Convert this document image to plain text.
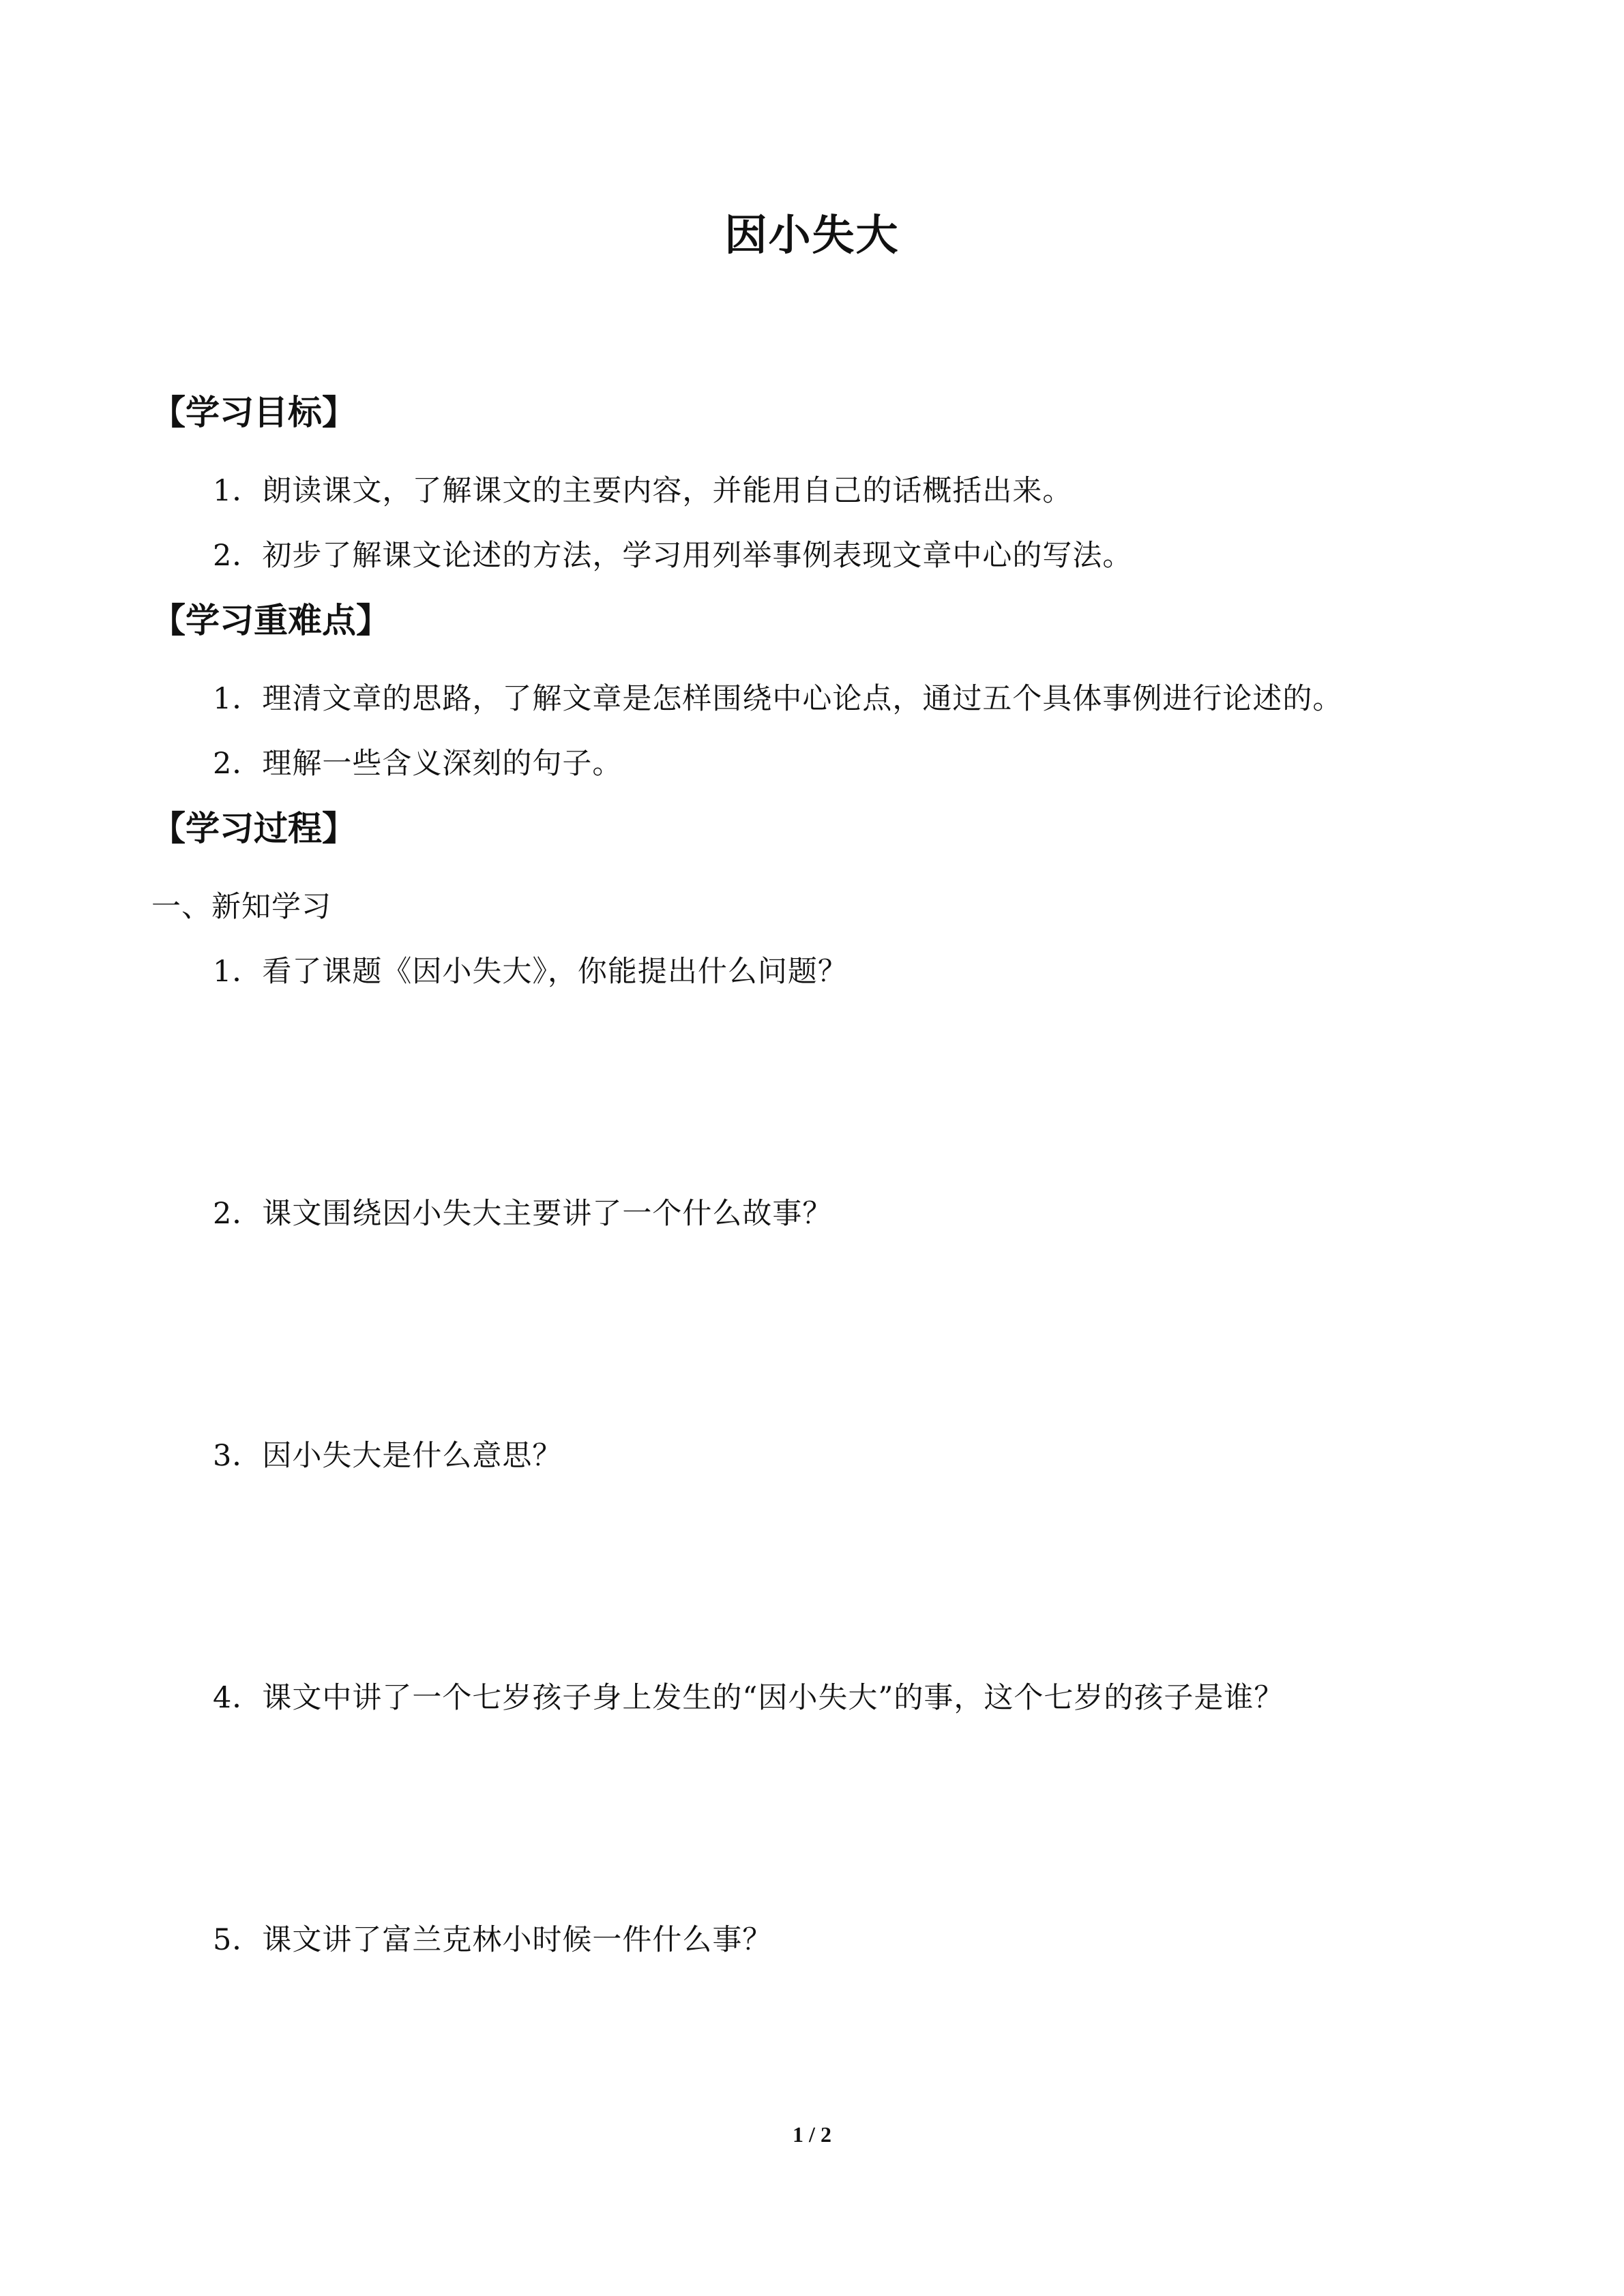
因小失大
【学习目标】
1．朗读课文，了解课文的主要内容，并能用自己的话概括出来。
2．初步了解课文论述的方法，学习用列举事例表现文章中心的写法。
【学习重难点】
1．理清文章的思路，了解文章是怎样围绕中心论点，通过五个具体事例进行论述的。
2．理解一些含义深刻的句子。
【学习过程】
一、新知学习
1．看了课题《因小失大》，你能提出什么问题？
2．课文围绕因小失大主要讲了一个什么故事？
3．因小失大是什么意思？
4．课文中讲了一个七岁孩子身上发生的“因小失大”的事，这个七岁的孩子是谁？
5．课文讲了富兰克林小时候一件什么事？
1 / 2
